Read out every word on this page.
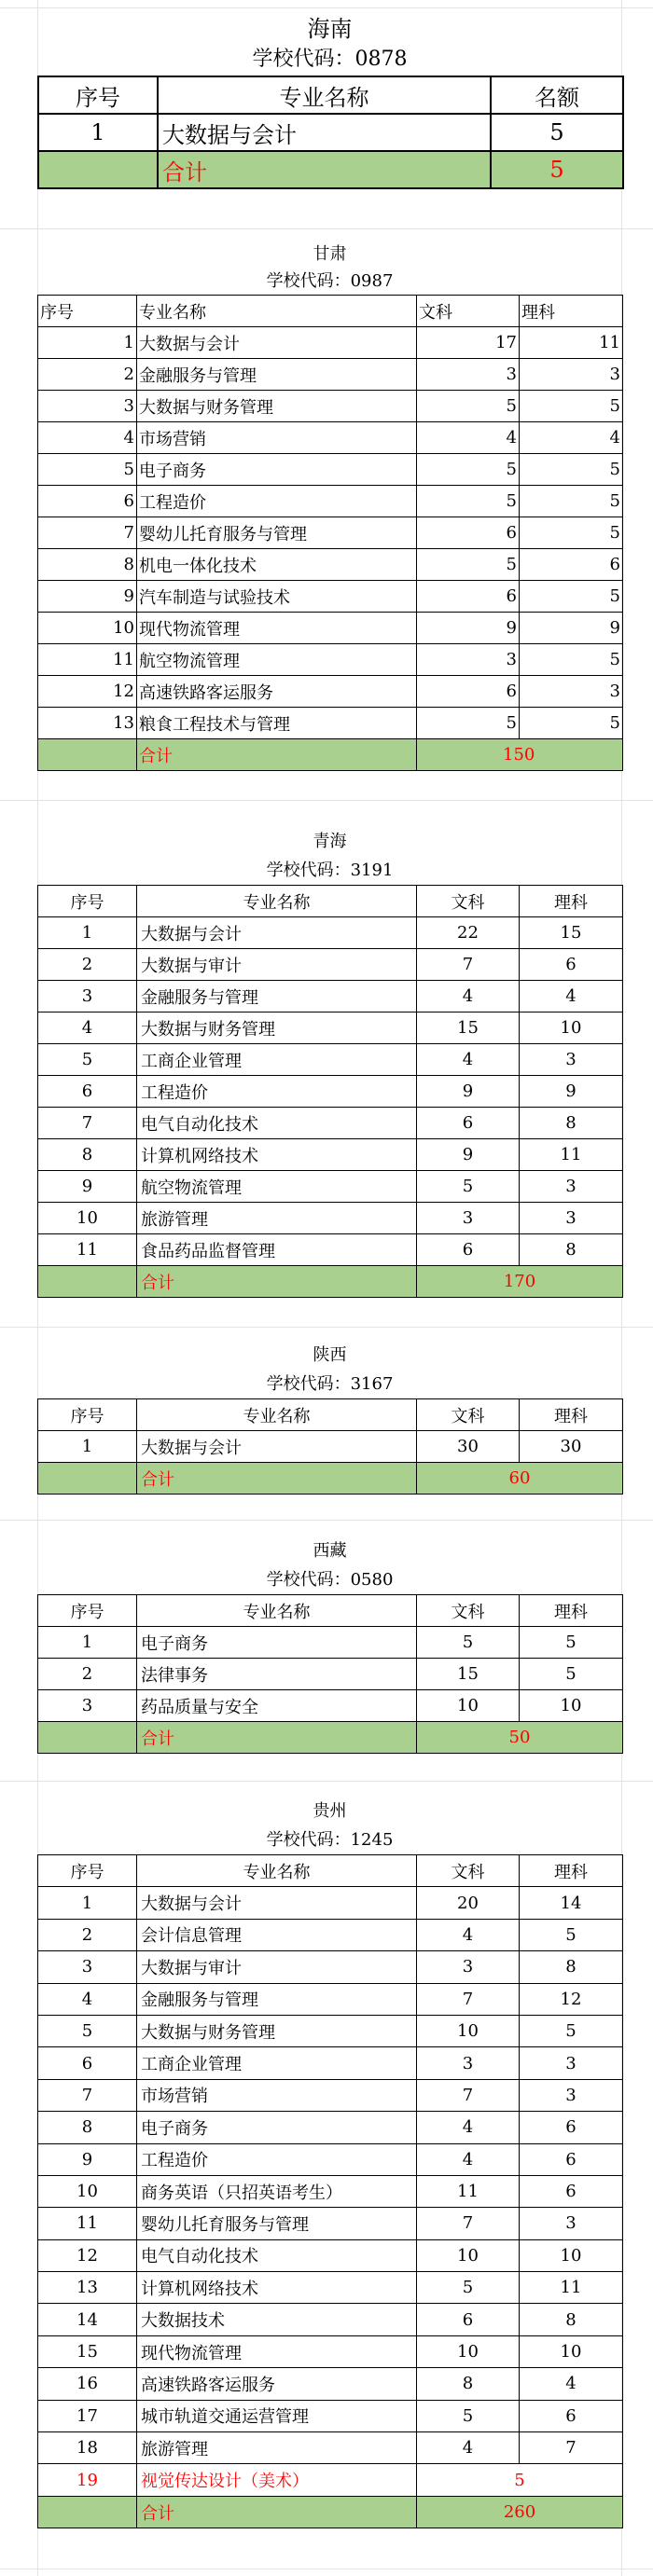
海南
学校代码：0878
序号	专业名称	名额
1	大数据与会计	5
	合计	5
甘肃
学校代码：0987
序号	专业名称	文科	理科
1	大数据与会计	17	11
2	金融服务与管理	3	3
3	大数据与财务管理	5	5
4	市场营销	4	4
5	电子商务	5	5
6	工程造价	5	5
7	婴幼儿托育服务与管理	6	5
8	机电一体化技术	5	6
9	汽车制造与试验技术	6	5
10	现代物流管理	9	9
11	航空物流管理	3	5
12	高速铁路客运服务	6	3
13	粮食工程技术与管理	5	5
	合计	150	
青海
学校代码：3191
序号	专业名称	文科	理科
1	大数据与会计	22	15
2	大数据与审计	7	6
3	金融服务与管理	4	4
4	大数据与财务管理	15	10
5	工商企业管理	4	3
6	工程造价	9	9
7	电气自动化技术	6	8
8	计算机网络技术	9	11
9	航空物流管理	5	3
10	旅游管理	3	3
11	食品药品监督管理	6	8
	合计	170	
陕西
学校代码：3167
序号	专业名称	文科	理科
1	大数据与会计	30	30
	合计	60	
西藏
学校代码：0580
序号	专业名称	文科	理科
1	电子商务	5	5
2	法律事务	15	5
3	药品质量与安全	10	10
	合计	50	
贵州
学校代码：1245
序号	专业名称	文科	理科
1	大数据与会计	20	14
2	会计信息管理	4	5
3	大数据与审计	3	8
4	金融服务与管理	7	12
5	大数据与财务管理	10	5
6	工商企业管理	3	3
7	市场营销	7	3
8	电子商务	4	6
9	工程造价	4	6
10	商务英语（只招英语考生）	11	6
11	婴幼儿托育服务与管理	7	3
12	电气自动化技术	10	10
13	计算机网络技术	5	11
14	大数据技术	6	8
15	现代物流管理	10	10
16	高速铁路客运服务	8	4
17	城市轨道交通运营管理	5	6
18	旅游管理	4	7
19	视觉传达设计（美术）	5	
	合计	260	
